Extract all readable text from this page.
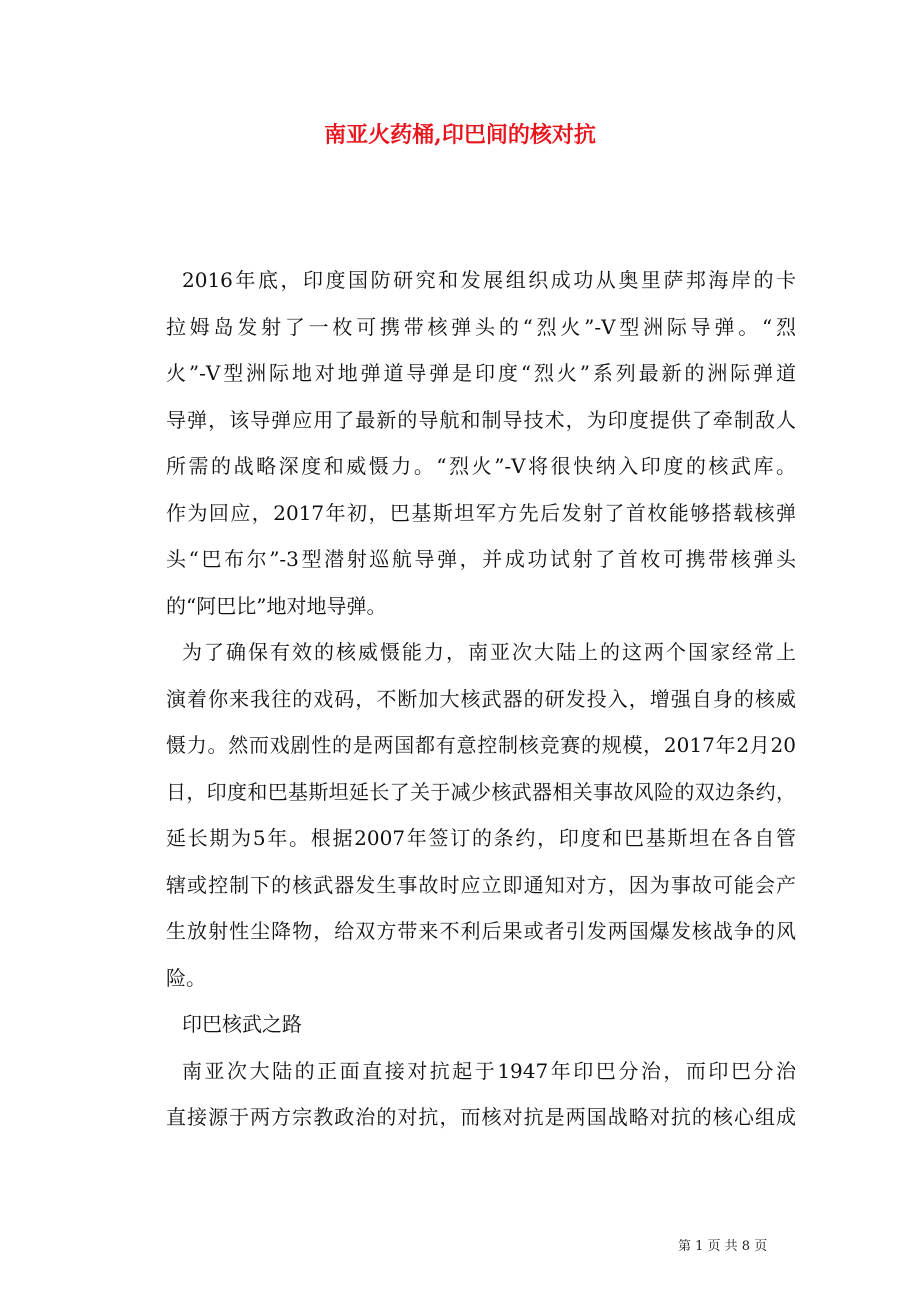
南亚火药桶,印巴间的核对抗
2016年底，印度国防研究和发展组织成功从奥里萨邦海岸的卡
拉姆岛发射了一枚可携带核弹头的“烈火”-V型洲际导弹。“烈
火”-V型洲际地对地弹道导弹是印度“烈火”系列最新的洲际弹道
导弹，该导弹应用了最新的导航和制导技术，为印度提供了牵制敌人
所需的战略深度和威慑力。“烈火”-V将很快纳入印度的核武库。
作为回应，2017年初，巴基斯坦军方先后发射了首枚能够搭载核弹
头“巴布尔”-3型潜射巡航导弹，并成功试射了首枚可携带核弹头
的“阿巴比”地对地导弹。
为了确保有效的核威慑能力，南亚次大陆上的这两个国家经常上
演着你来我往的戏码，不断加大核武器的研发投入，增强自身的核威
慑力。然而戏剧性的是两国都有意控制核竞赛的规模，2017年2月20
日，印度和巴基斯坦延长了关于减少核武器相关事故风险的双边条约，
延长期为5年。根据2007年签订的条约，印度和巴基斯坦在各自管
辖或控制下的核武器发生事故时应立即通知对方，因为事故可能会产
生放射性尘降物，给双方带来不利后果或者引发两国爆发核战争的风
险。
印巴核武之路
南亚次大陆的正面直接对抗起于1947年印巴分治，而印巴分治
直接源于两方宗教政治的对抗，而核对抗是两国战略对抗的核心组成
第 1 页 共 8 页
